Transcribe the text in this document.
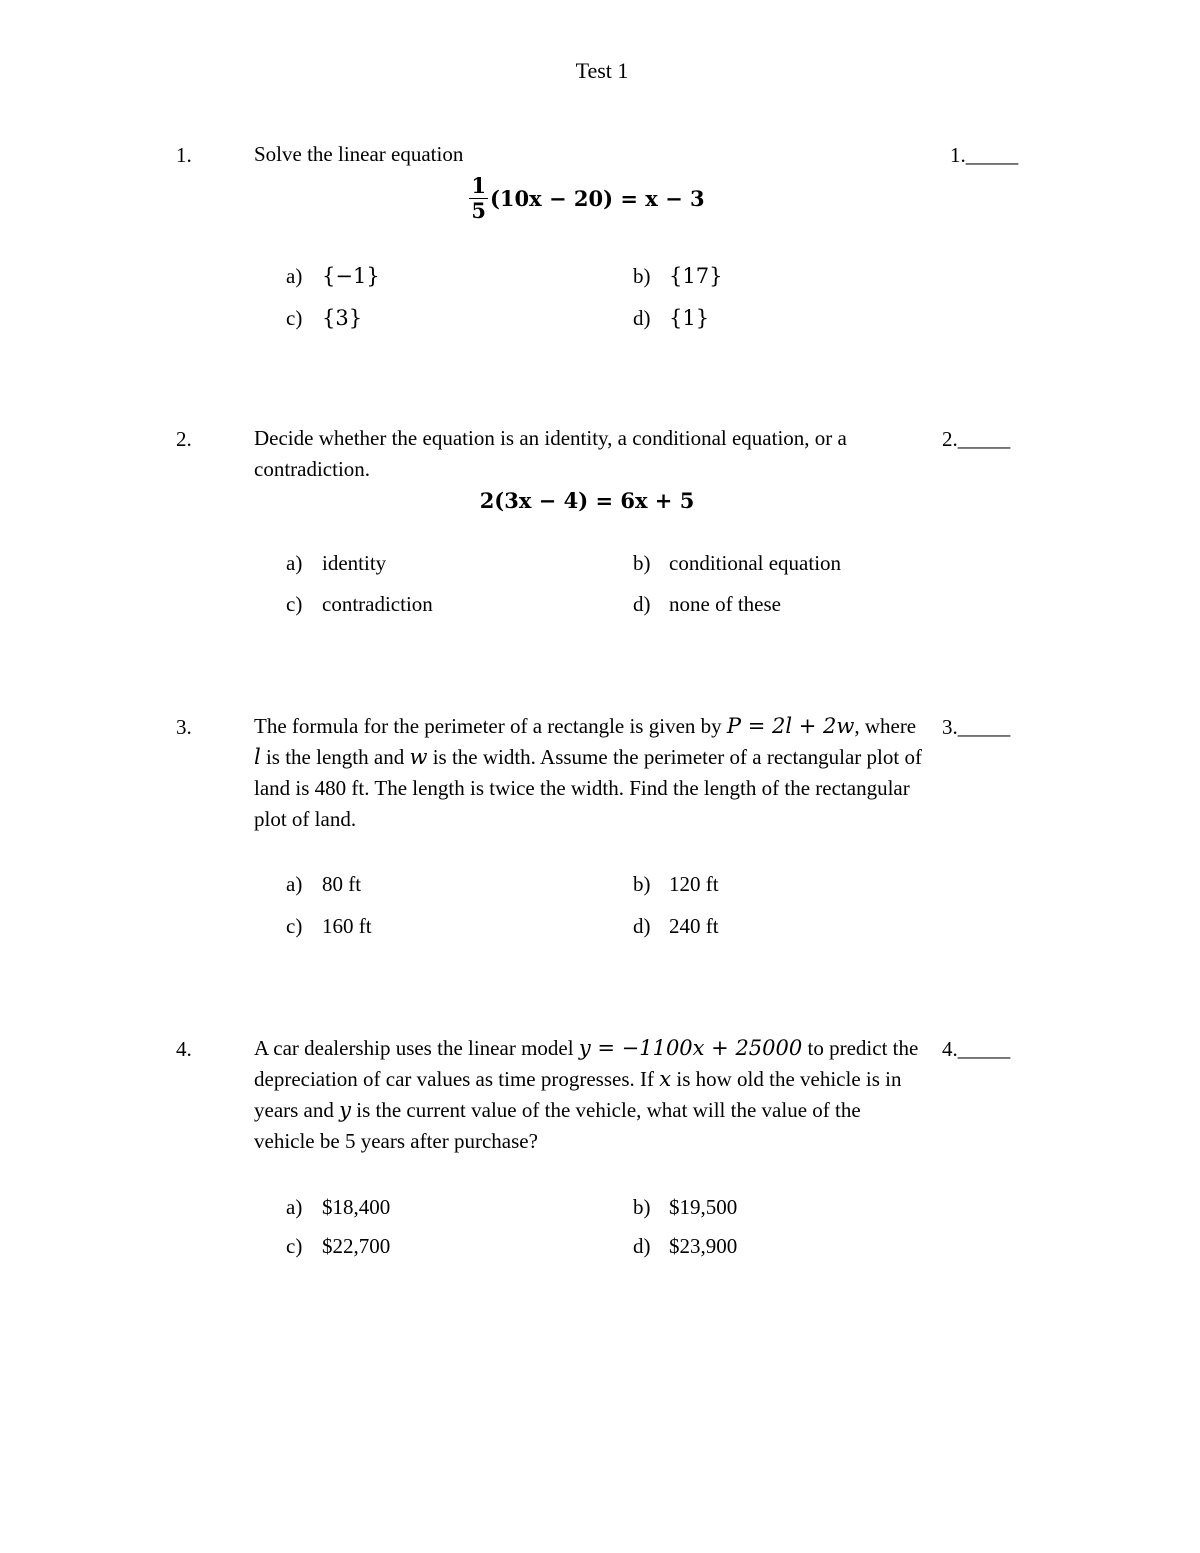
Test 1
1.	Solve the linear equation	1._____
$\frac{1}{5} (10x - 20) = x - 3$
a) {−1}	b) {17}
c) {3}	d) {1}
2.	Decide whether the equation is an identity, a conditional equation, or a contradiction.
2._____
2(3x − 4) = 6x + 5
a) identity	b) conditional equation
c) contradiction	d) none of these
3.	The formula for the perimeter of a rectangle is given by P = 2l + 2w, where l is the length and w is the width. Assume the perimeter of a rectangular plot of land is 480 ft. The length is twice the width. Find the length of the rectangular plot of land.
3._____
a) 80 ft	b) 120 ft
c) 160 ft	d) 240 ft
4.	A car dealership uses the linear model y = −1100x + 25000 to predict the depreciation of car values as time progresses. If x is how old the vehicle is in years and y is the current value of the vehicle, what will the value of the vehicle be 5 years after purchase?
4._____
a) $18,400	b) $19,500
c) $22,700	d) $23,900
